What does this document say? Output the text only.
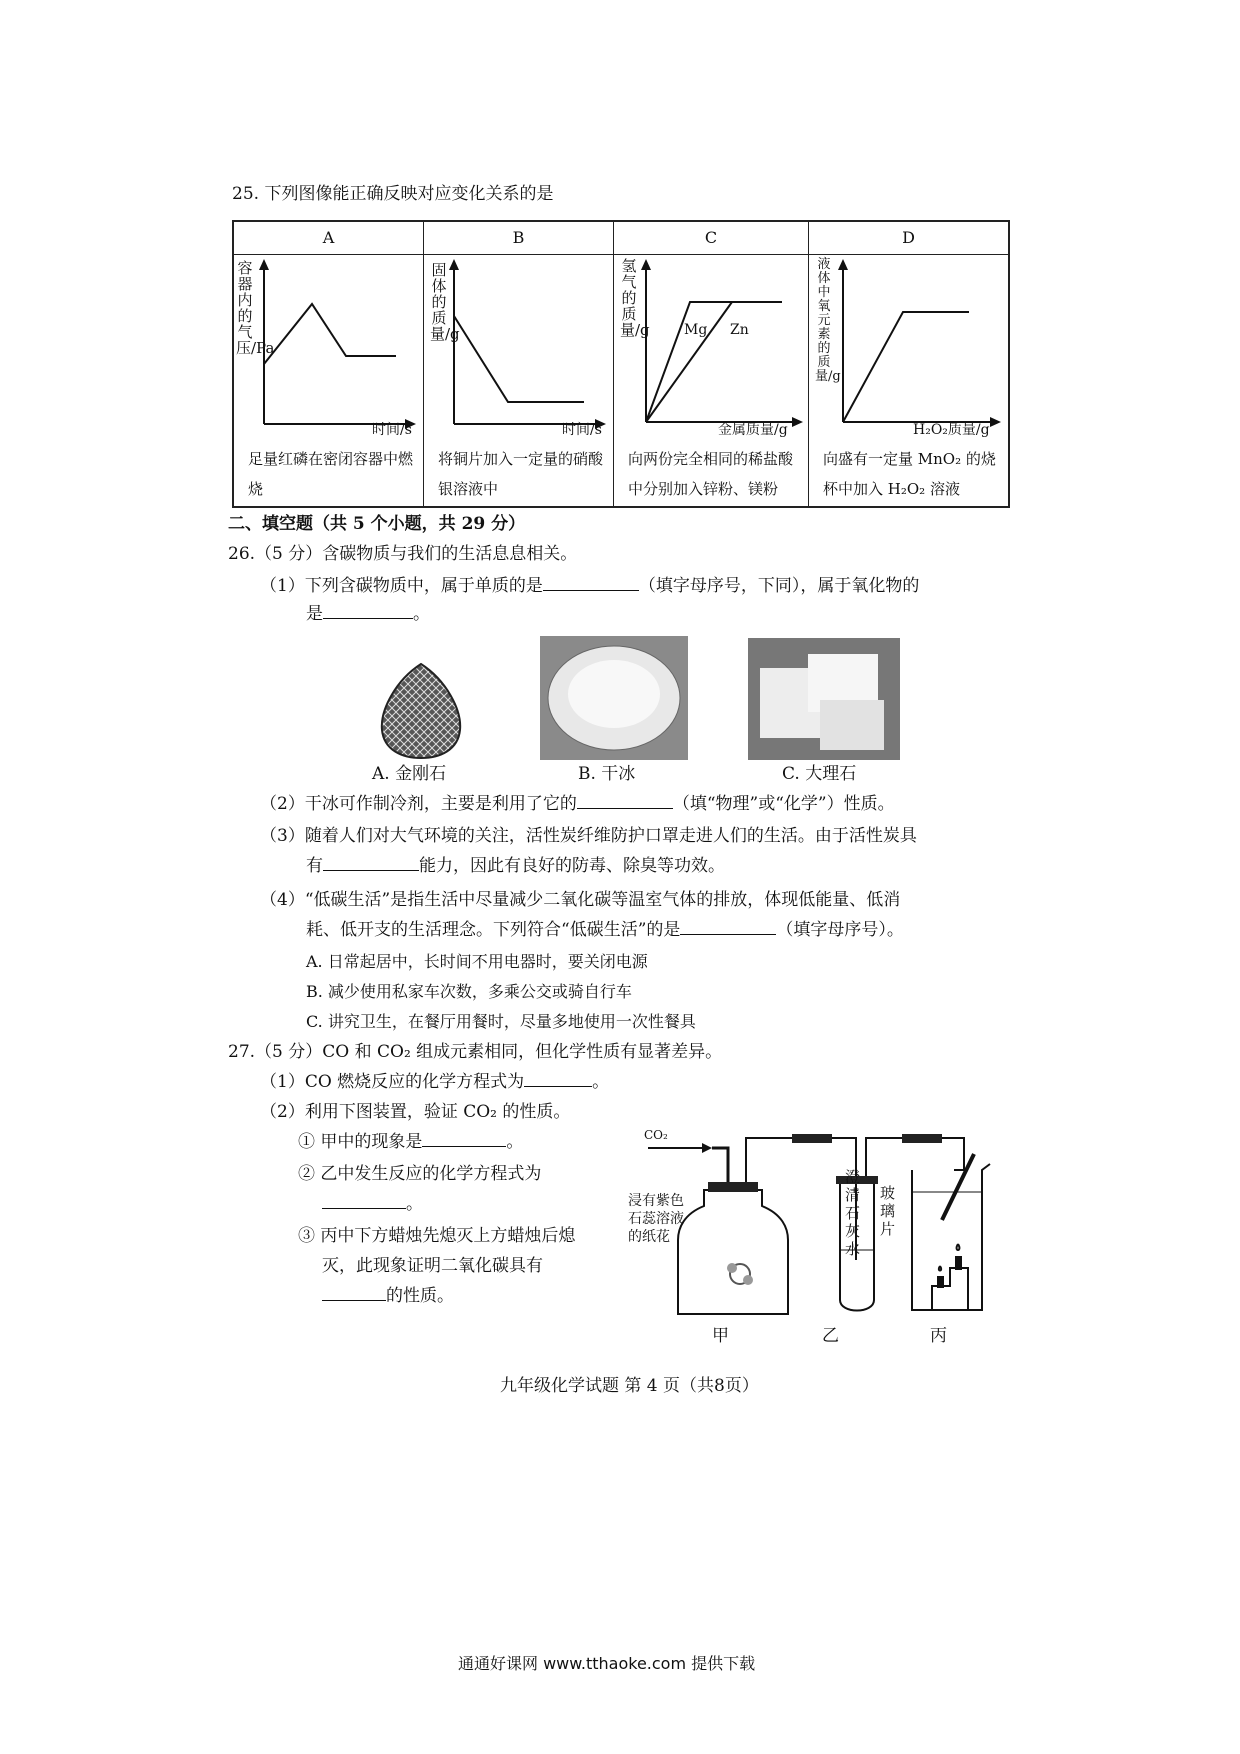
25. 下列图像能正确反映对应变化关系的是
A
容器内的气压/Pa
时间/s
足量红磷在密闭容器中燃烧
B
固体的质量/g
时间/s
将铜片加入一定量的硝酸银溶液中
C
氢气的质量/g Mg Zn
金属质量/g
向两份完全相同的稀盐酸中分别加入锌粉、镁粉
D
液体中氧元素的质量/g
H₂O₂质量/g
向盛有一定量 MnO₂ 的烧杯中加入 H₂O₂ 溶液
二、填空题（共 5 个小题，共 29 分）
26.（5 分）含碳物质与我们的生活息息相关。
（1）下列含碳物质中，属于单质的是	（填字母序号，下同），属于氧化物的
是	。
A. 金刚石	B. 干冰	C. 大理石
（2）干冰可作制冷剂，主要是利用了它的	（填“物理”或“化学”）性质。
（3）随着人们对大气环境的关注，活性炭纤维防护口罩走进人们的生活。由于活性炭具
有	能力，因此有良好的防毒、除臭等功效。
（4）“低碳生活”是指生活中尽量减少二氧化碳等温室气体的排放，体现低能量、低消
耗、低开支的生活理念。下列符合“低碳生活”的是	（填字母序号）。
A. 日常起居中，长时间不用电器时，要关闭电源
B. 减少使用私家车次数，多乘公交或骑自行车
C. 讲究卫生，在餐厅用餐时，尽量多地使用一次性餐具
27.（5 分）CO 和 CO₂ 组成元素相同，但化学性质有显著差异。
（1）CO 燃烧反应的化学方程式为	。
（2）利用下图装置，验证 CO₂ 的性质。
① 甲中的现象是	。
② 乙中发生反应的化学方程式为
。
③ 丙中下方蜡烛先熄灭上方蜡烛后熄
灭，此现象证明二氧化碳具有
的性质。
CO₂
浸有紫色石蕊溶液的纸花
澄清石灰水
玻璃片
甲	乙	丙
九年级化学试题 第 4 页（共8页）
通通好课网 www.tthaoke.com 提供下载
